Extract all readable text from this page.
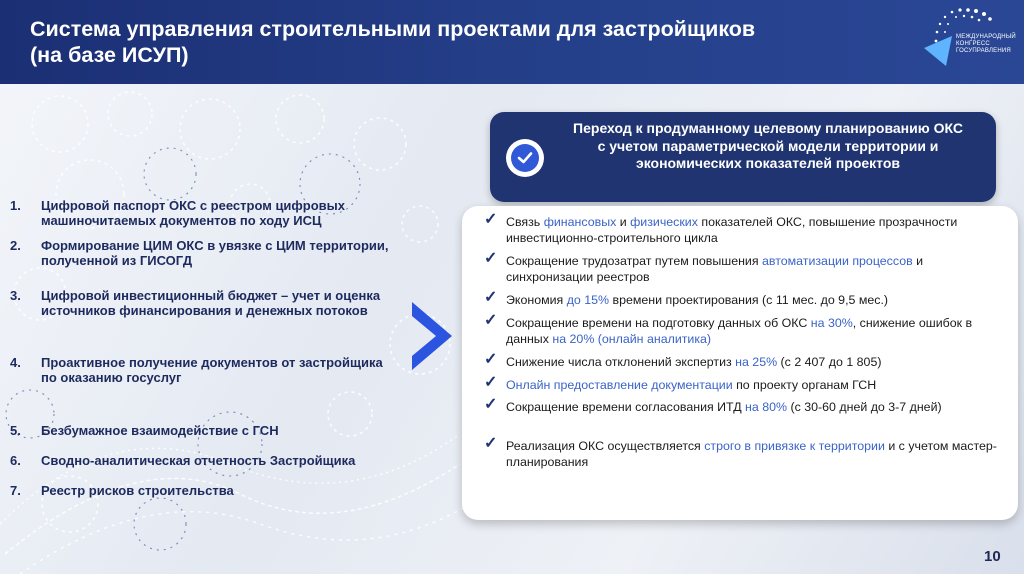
Система управления строительными проектами для застройщиков
(на базе ИСУП)
МЕЖДУНАРОДНЫЙ КОНГРЕСС ГОСУПРАВЛЕНИЯ
1.	Цифровой паспорт ОКС с реестром цифровых машиночитаемых документов по ходу ИСЦ
2.	Формирование ЦИМ ОКС в увязке с ЦИМ территории, полученной из ГИСОГД
3.	Цифровой инвестиционный бюджет – учет и оценка источников финансирования и денежных потоков
4.	Проактивное получение документов от застройщика
по оказанию госуслуг
5.	Безбумажное взаимодействие с ГСН
6.	Сводно-аналитическая отчетность Застройщика
7.	Реестр рисков строительства
Переход к продуманному целевому планированию ОКС с учетом параметрической модели территории и экономических показателей проектов
✓ Связь финансовых и физических показателей ОКС, повышение прозрачности инвестиционно-строительного цикла
✓ Сокращение трудозатрат путем повышения автоматизации процессов и синхронизации реестров
✓ Экономия до 15% времени проектирования (с 11 мес. до 9,5 мес.)
✓ Сокращение времени на подготовку данных об ОКС на 30%, снижение ошибок в данных на 20% (онлайн аналитика)
✓ Снижение числа отклонений экспертиз на 25% (с 2 407 до 1 805)
✓ Онлайн предоставление документации по проекту органам ГСН
✓ Сокращение времени согласования ИТД на 80% (с 30-60 дней до 3-7 дней)
✓ Реализация ОКС осуществляется строго в привязке к территории и с учетом мастер-планирования
10
